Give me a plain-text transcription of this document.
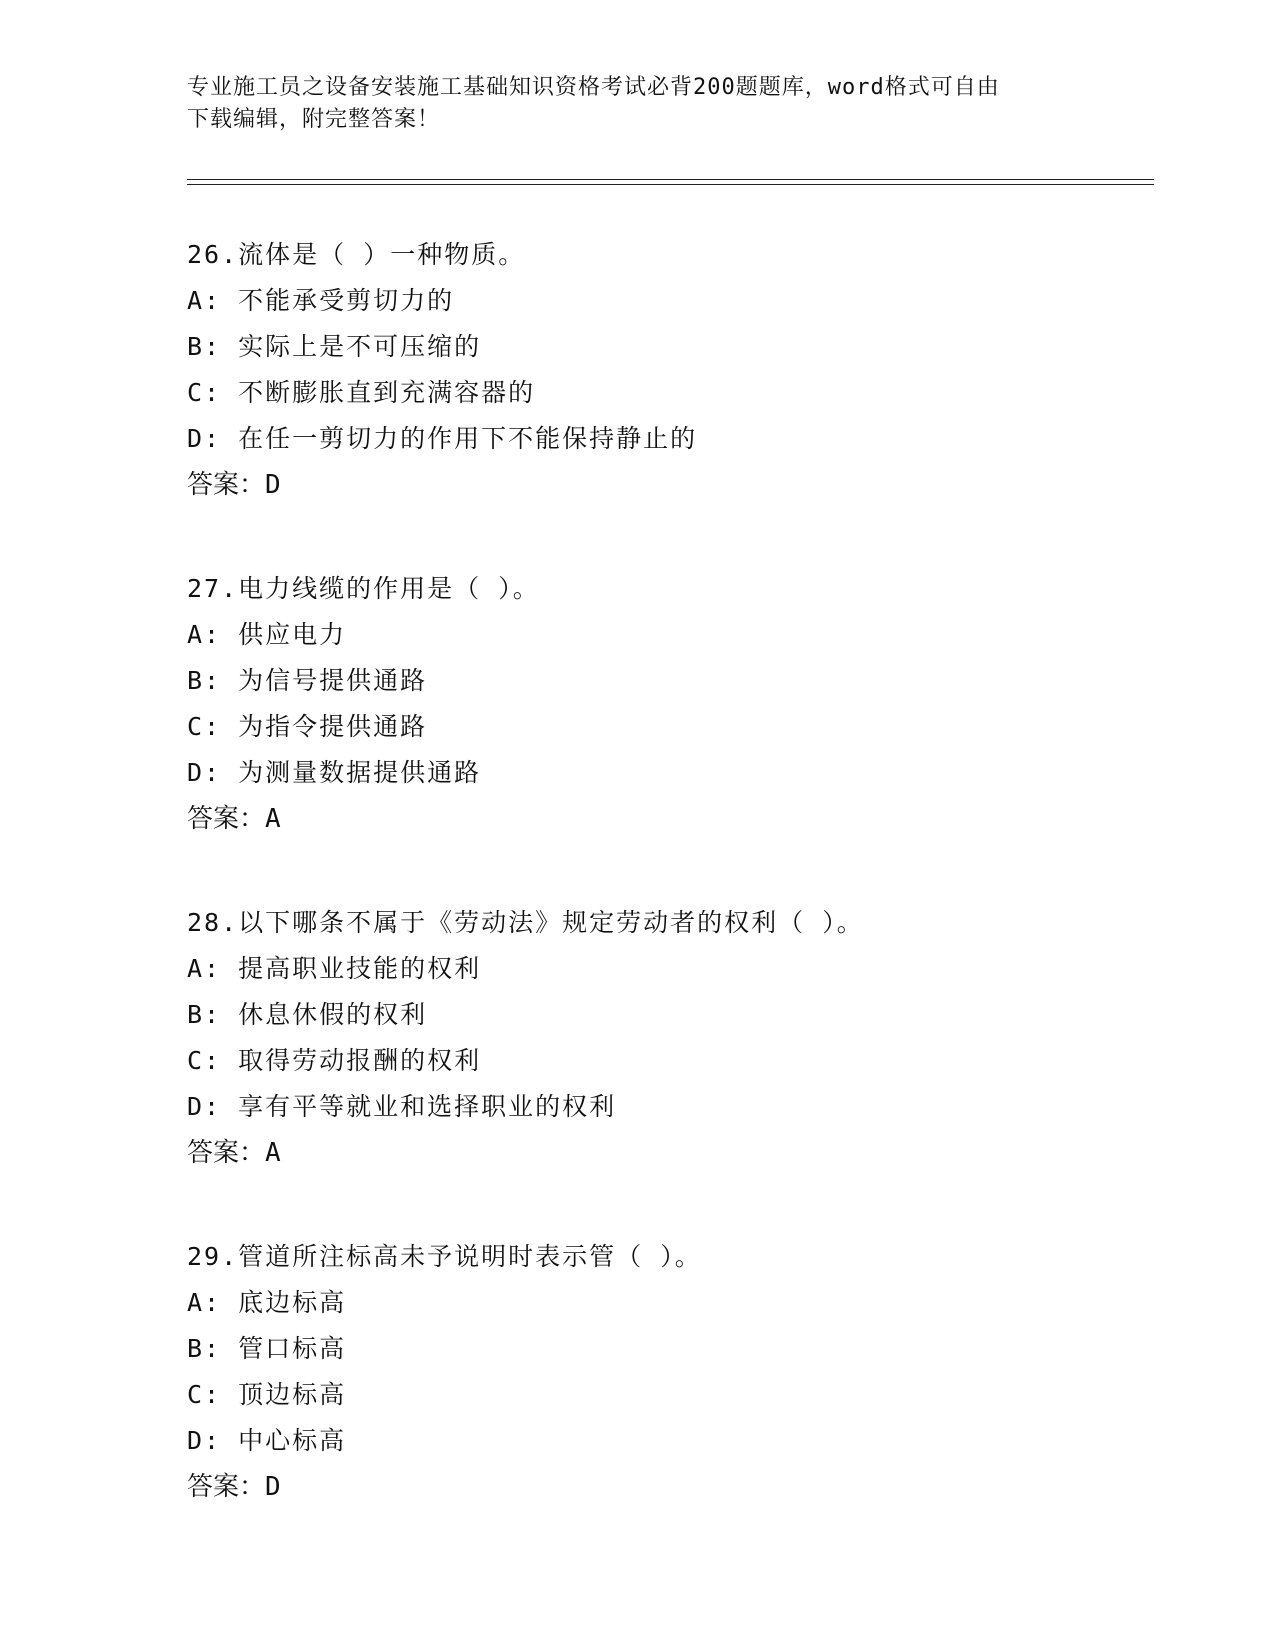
专业施工员之设备安装施工基础知识资格考试必背200题题库，word格式可自由
下载编辑，附完整答案！
26.流体是（ ）一种物质。
A: 不能承受剪切力的
B: 实际上是不可压缩的
C: 不断膨胀直到充满容器的
D: 在任一剪切力的作用下不能保持静止的
答案：D
27.电力线缆的作用是（ ）。
A: 供应电力
B: 为信号提供通路
C: 为指令提供通路
D: 为测量数据提供通路
答案：A
28.以下哪条不属于《劳动法》规定劳动者的权利（ ）。
A: 提高职业技能的权利
B: 休息休假的权利
C: 取得劳动报酬的权利
D: 享有平等就业和选择职业的权利
答案：A
29.管道所注标高未予说明时表示管（ ）。
A: 底边标高
B: 管口标高
C: 顶边标高
D: 中心标高
答案：D
